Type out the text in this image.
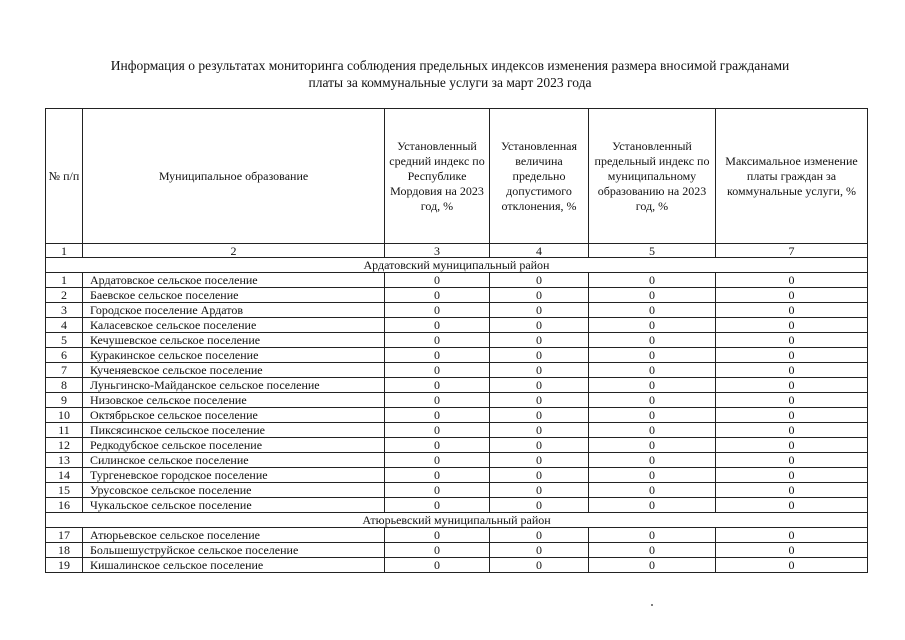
Информация о результатах мониторинга соблюдения предельных индексов изменения размера вносимой гражданами
платы за коммунальные услуги за март 2023 года
№ п/п	Муниципальное образование	Установленный средний индекс по Республике Мордовия на 2023 год, %	Установленная величина предельно допустимого отклонения, %	Установленный предельный индекс по муниципальному образованию на 2023 год, %	Максимальное изменение платы граждан за коммунальные услуги, %
1	2	3	4	5	7
Ардатовский муниципальный район					
1	Ардатовское сельское поселение	0	0	0	0
2	Баевское сельское поселение	0	0	0	0
3	Городское поселение Ардатов	0	0	0	0
4	Каласевское сельское поселение	0	0	0	0
5	Кечушевское сельское поселение	0	0	0	0
6	Куракинское сельское поселение	0	0	0	0
7	Кученяевское сельское поселение	0	0	0	0
8	Луньгинско-Майданское сельское поселение	0	0	0	0
9	Низовское сельское поселение	0	0	0	0
10	Октябрьское сельское поселение	0	0	0	0
11	Пиксясинское сельское поселение	0	0	0	0
12	Редкодубское сельское поселение	0	0	0	0
13	Силинское сельское поселение	0	0	0	0
14	Тургеневское городское поселение	0	0	0	0
15	Урусовское сельское поселение	0	0	0	0
16	Чукальское сельское поселение	0	0	0	0
Атюрьевский муниципальный район					
17	Атюрьевское сельское поселение	0	0	0	0
18	Большешуструйское сельское поселение	0	0	0	0
19	Кишалинское сельское поселение	0	0	0	0
